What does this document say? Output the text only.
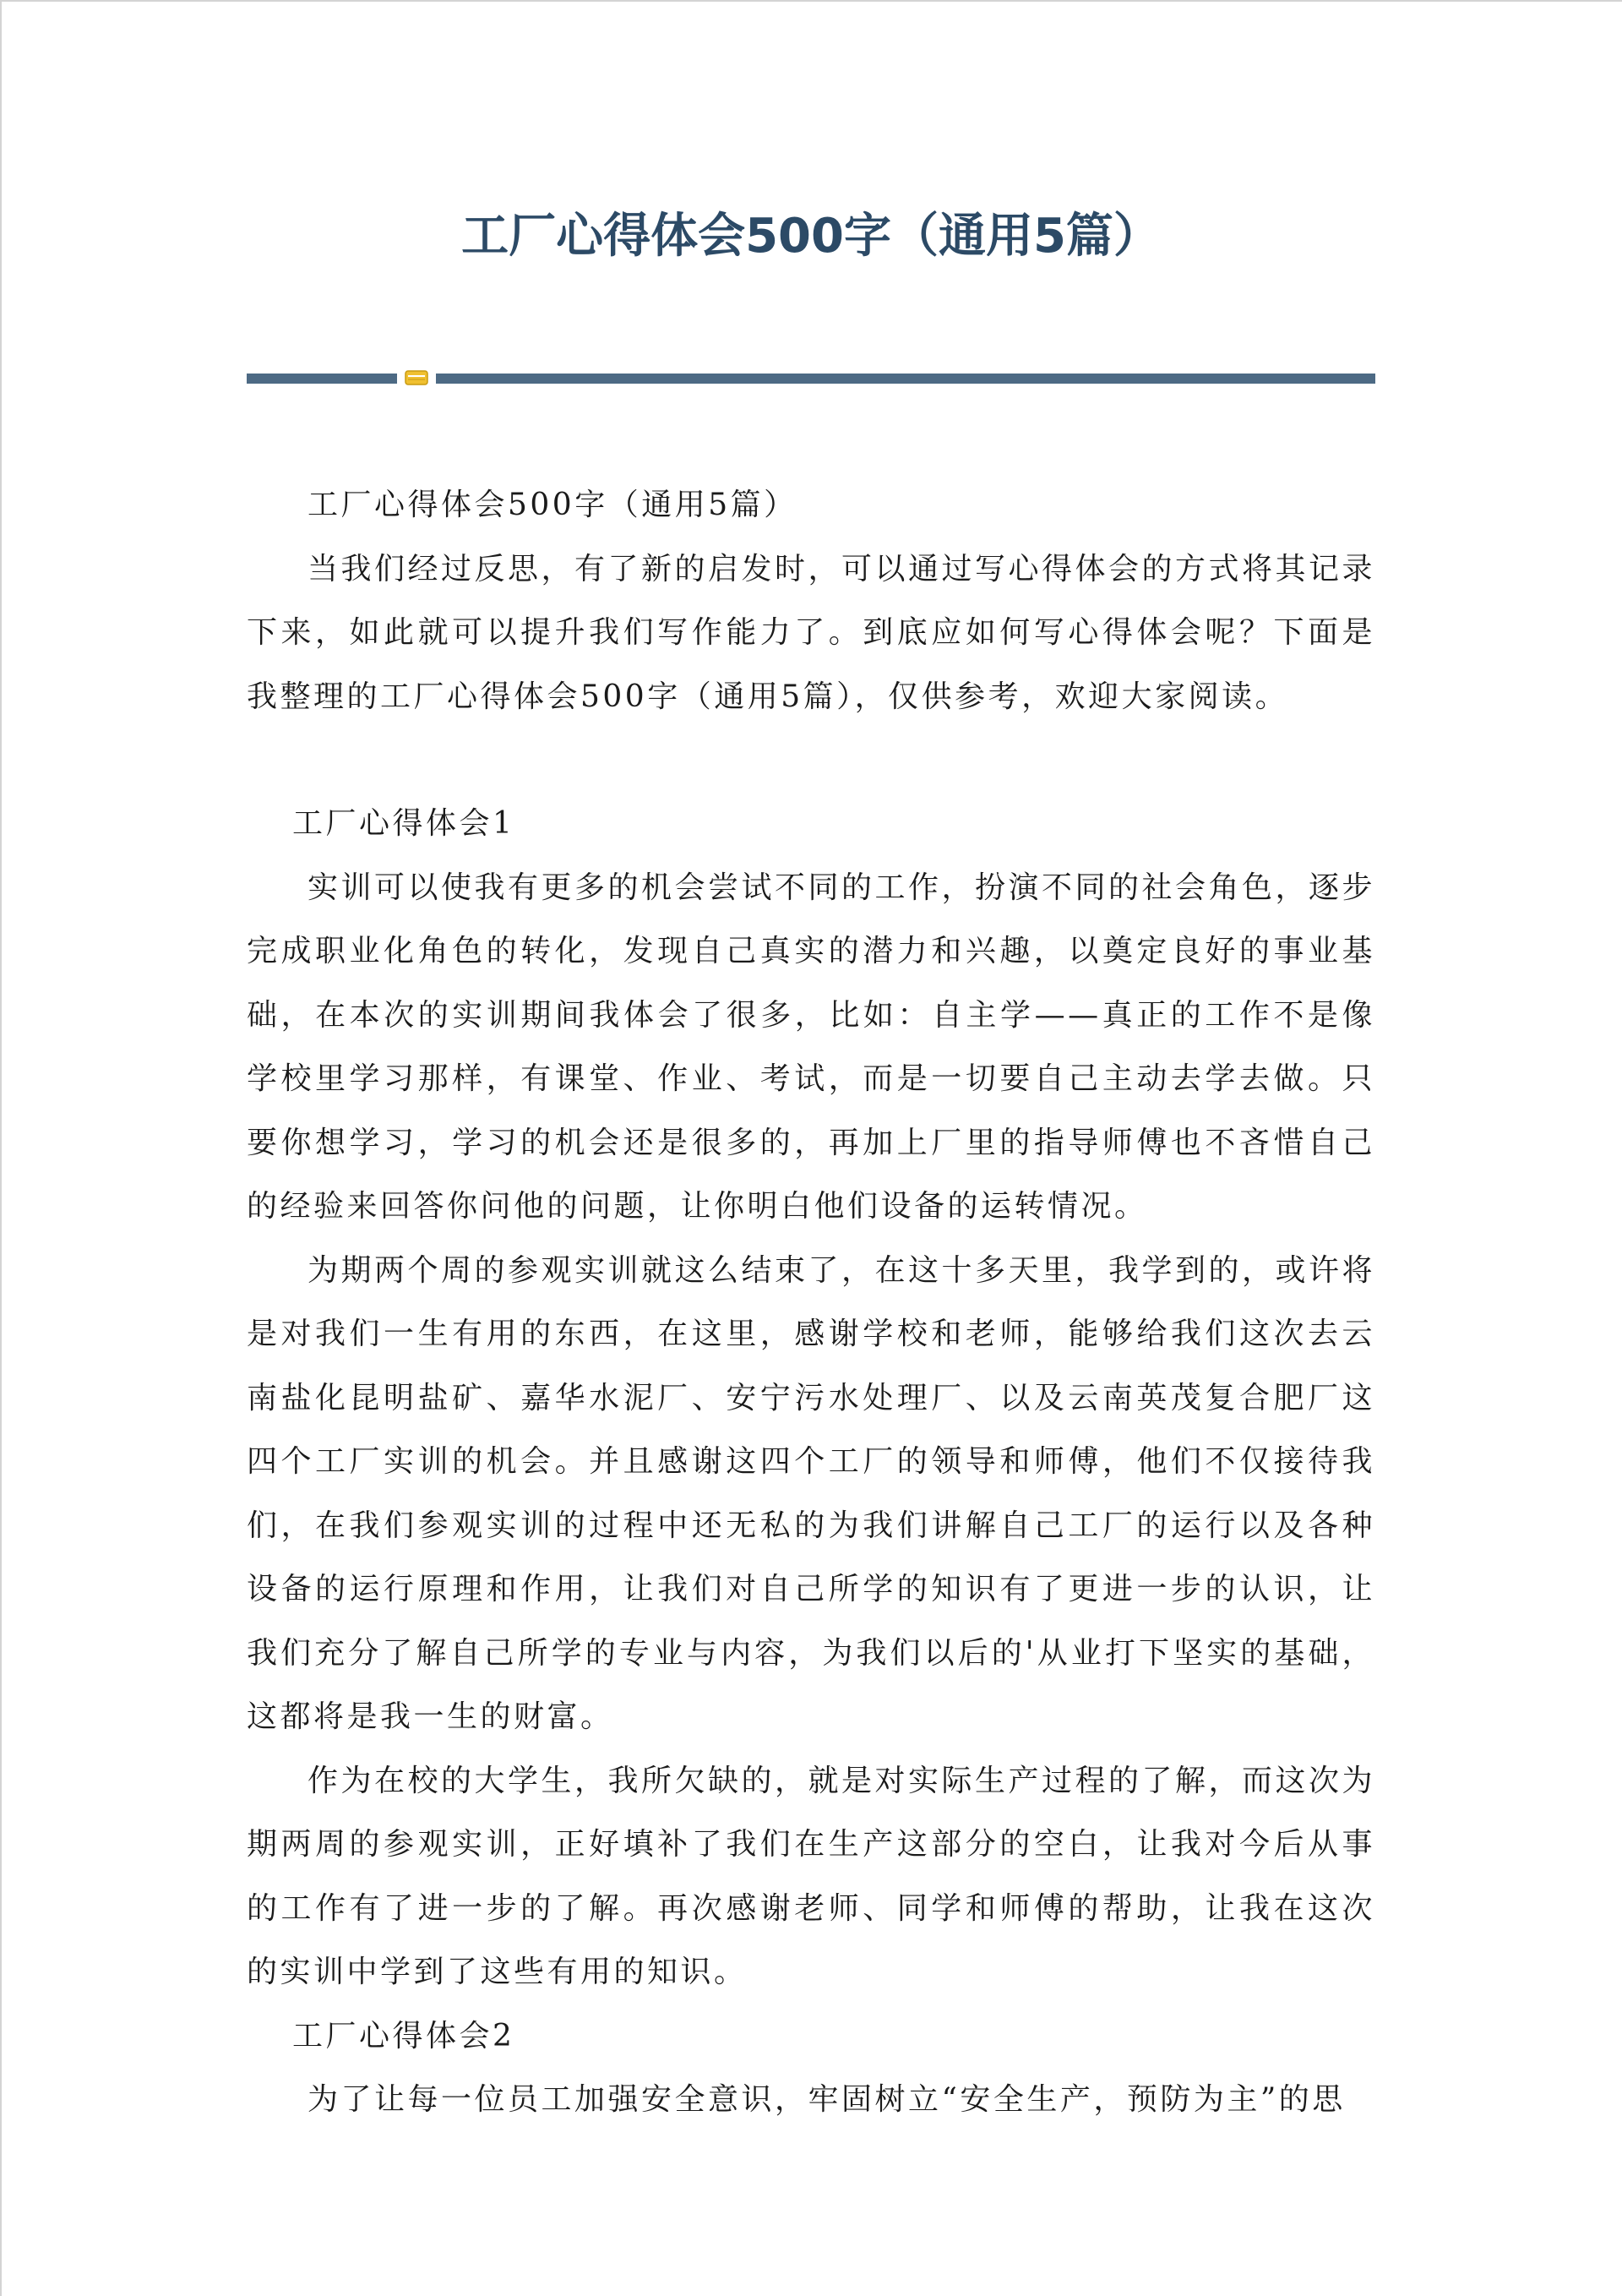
工厂心得体会500字（通用5篇）

工厂心得体会500字（通用5篇）

当我们经过反思，有了新的启发时，可以通过写心得体会的方式将其记录下来，如此就可以提升我们写作能力了。到底应如何写心得体会呢？下面是我整理的工厂心得体会500字（通用5篇），仅供参考，欢迎大家阅读。

工厂心得体会1

实训可以使我有更多的机会尝试不同的工作，扮演不同的社会角色，逐步完成职业化角色的转化，发现自己真实的潜力和兴趣，以奠定良好的事业基础，在本次的实训期间我体会了很多，比如：自主学——真正的工作不是像学校里学习那样，有课堂、作业、考试，而是一切要自己主动去学去做。只要你想学习，学习的机会还是很多的，再加上厂里的指导师傅也不吝惜自己的经验来回答你问他的问题，让你明白他们设备的运转情况。

为期两个周的参观实训就这么结束了，在这十多天里，我学到的，或许将是对我们一生有用的东西，在这里，感谢学校和老师，能够给我们这次去云南盐化昆明盐矿、嘉华水泥厂、安宁污水处理厂、以及云南英茂复合肥厂这四个工厂实训的机会。并且感谢这四个工厂的领导和师傅，他们不仅接待我们，在我们参观实训的过程中还无私的为我们讲解自己工厂的运行以及各种设备的运行原理和作用，让我们对自己所学的知识有了更进一步的认识，让我们充分了解自己所学的专业与内容，为我们以后的'从业打下坚实的基础，这都将是我一生的财富。

作为在校的大学生，我所欠缺的，就是对实际生产过程的了解，而这次为期两周的参观实训，正好填补了我们在生产这部分的空白，让我对今后从事的工作有了进一步的了解。再次感谢老师、同学和师傅的帮助，让我在这次的实训中学到了这些有用的知识。

工厂心得体会2

为了让每一位员工加强安全意识，牢固树立“安全生产，预防为主”的思
